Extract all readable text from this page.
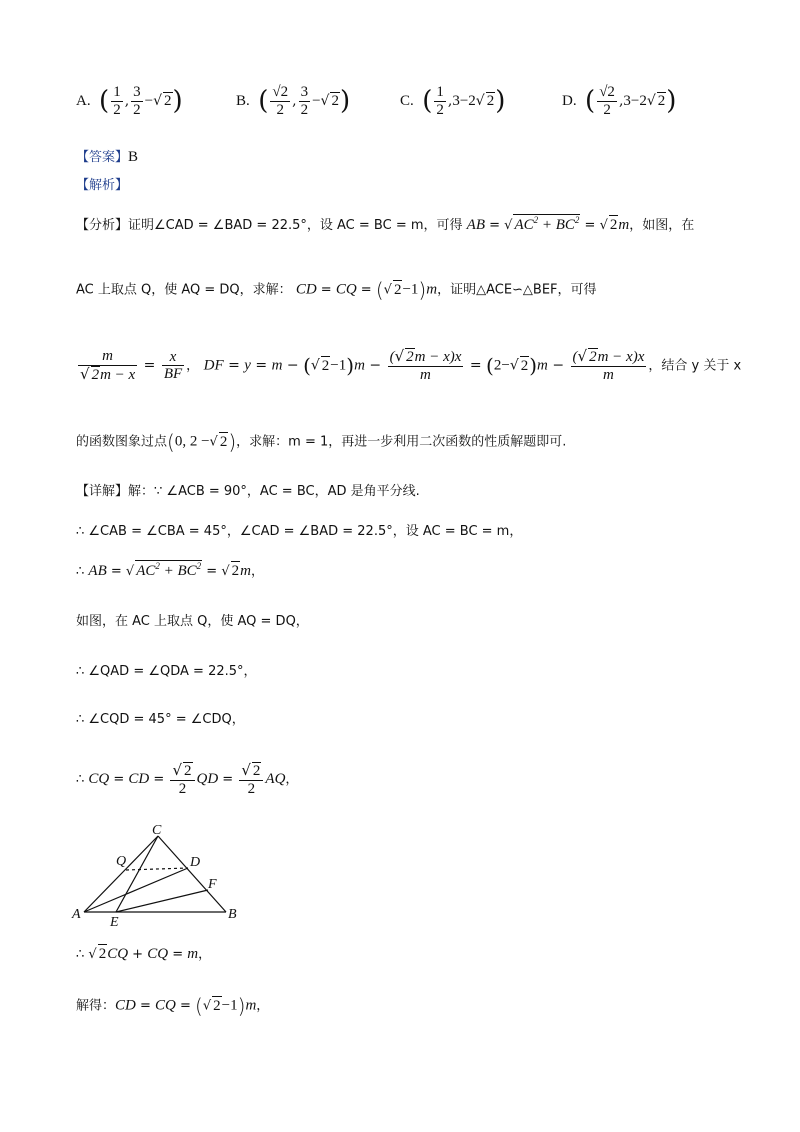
A. ( $\frac{1}{2}$ , $\frac{3}{2}$ −√ 2)	B. ( $\frac{√2}{2}$ , $\frac{3}{2}$ −√ 2)	C. ( $\frac{1}{2} ,3-2√$ 2)	D. ( $\frac{√2}{2} ,3-2√$ 2)
【答案】B
【解析】
【分析】证明∠CAD = ∠BAD = 22.5°，设 AC = BC = m，可得 AB = √ $AC^2 + BC^2$ = √ 2m，如图，在
AC 上取点 Q，使 AQ = DQ，求解： CD = CQ = (√ 2−1)m，证明△ACE∽△BEF，可得
$\frac{m}{√ 2m - x} = \frac{x}{BF}$ ， DF = y = m − (√ $2-1)m - \frac{(√ 2m - x)x}{m} = (2-√$ $2)m - \frac{(√ 2m - x)x}{m}$ ，结合 y 关于 x
的函数图象过点(0, 2 −√ 2)，求解：m = 1，再进一步利用二次函数的性质解题即可.
【详解】解：∵ ∠ACB = 90°，AC = BC，AD 是角平分线.
∴ ∠CAB = ∠CBA = 45°，∠CAD = ∠BAD = 22.5°，设 AC = BC = m，
∴ AB = √ $AC^2 + BC^2$ = √ 2m，
如图，在 AC 上取点 Q，使 AQ = DQ，
∴ ∠QAD = ∠QDA = 22.5°，
∴ ∠CQD = 45° = ∠CDQ，
∴ CQ = CD = $\frac{√ 2}{2}$ QD = $\frac{√ 2}{2}$ AQ，
C
Q	D
F
A
E
B
∴ √ 2CQ + CQ = m，
解得：CD = CQ = (√ 2−1)m，
